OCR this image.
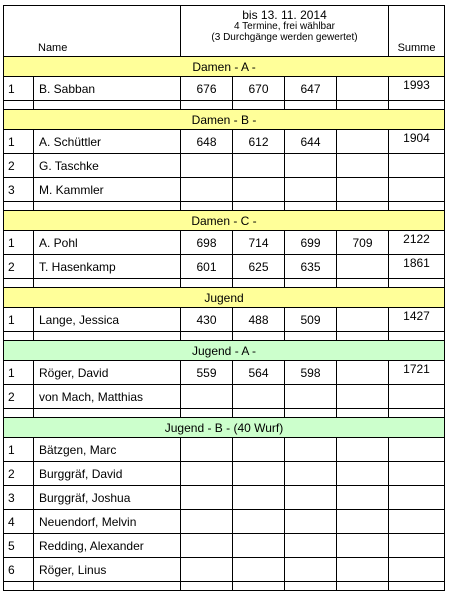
Name		bis 13. 11. 2014
4 Termine, frei wählbar
(3 Durchgänge werden gewertet)				Summe
Damen - A -						
1	B. Sabban	676	670	647		1993

Damen - B -						
1	A. Schüttler	648	612	644		1904
2	G. Taschke					
3	M. Kammler					

Damen - C -						
1	A. Pohl	698	714	699	709	2122
2	T. Hasenkamp	601	625	635		1861

Jugend						
1	Lange, Jessica	430	488	509		1427

Jugend - A -						
1	Röger, David	559	564	598		1721
2	von Mach, Matthias					

Jugend - B - (40 Wurf)						
1	Bätzgen, Marc					
2	Burggräf, David					
3	Burggräf, Joshua					
4	Neuendorf, Melvin					
5	Redding, Alexander					
6	Röger, Linus					
